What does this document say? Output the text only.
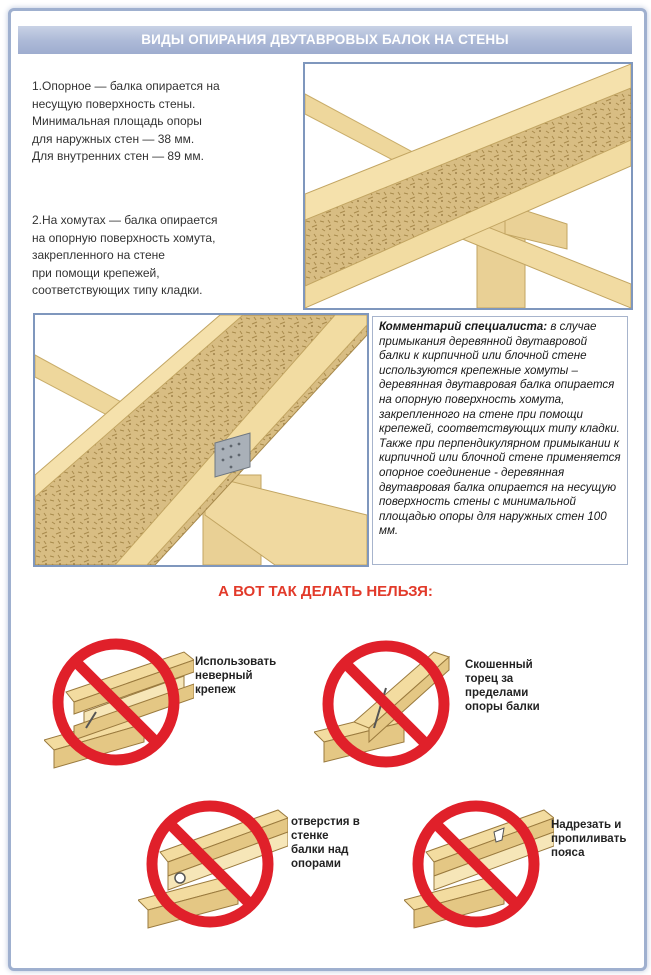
ВИДЫ ОПИРАНИЯ ДВУТАВРОВЫХ БАЛОК НА СТЕНЫ
1.Опорное — балка опирается на
несущую поверхность стены.
Минимальная площадь опоры
для наружных стен — 38 мм.
Для внутренних стен — 89 мм.
2.На хомутах — балка опирается
на опорную поверхность хомута,
закрепленного на стене
при помощи крепежей,
соответствующих типу кладки.
Комментарий специалиста: в случае примыкания деревянной двутавровой балки к кирпичной или блочной стене используются крепежные хомуты – деревянная двутавровая балка опирается на опорную поверхность хомута, закрепленного на стене при помощи крепежей, соответствующих типу кладки. Также при перпендикулярном примыкании к кирпичной или блочной стене применяется опорное соединение - деревянная двутавровая балка опирается на несущую поверхность стены с минимальной площадью опоры для наружных стен 100 мм.
А ВОТ ТАК ДЕЛАТЬ НЕЛЬЗЯ:
Использовать
неверный
крепеж
Скошенный
торец за
пределами
опоры балки
отверстия в
стенке
балки над
опорами
Надрезать и
пропиливать
пояса
